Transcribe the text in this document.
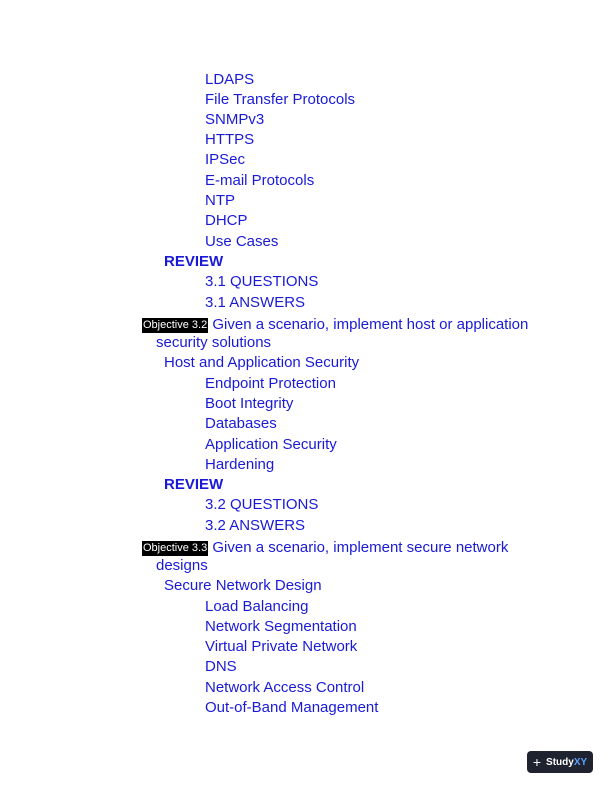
LDAPS
File Transfer Protocols
SNMPv3
HTTPS
IPSec
E-mail Protocols
NTP
DHCP
Use Cases
REVIEW
3.1 QUESTIONS
3.1 ANSWERS
Objective 3.2 Given a scenario, implement host or application
security solutions
Host and Application Security
Endpoint Protection
Boot Integrity
Databases
Application Security
Hardening
REVIEW
3.2 QUESTIONS
3.2 ANSWERS
Objective 3.3 Given a scenario, implement secure network
designs
Secure Network Design
Load Balancing
Network Segmentation
Virtual Private Network
DNS
Network Access Control
Out-of-Band Management
+ StudyXY
